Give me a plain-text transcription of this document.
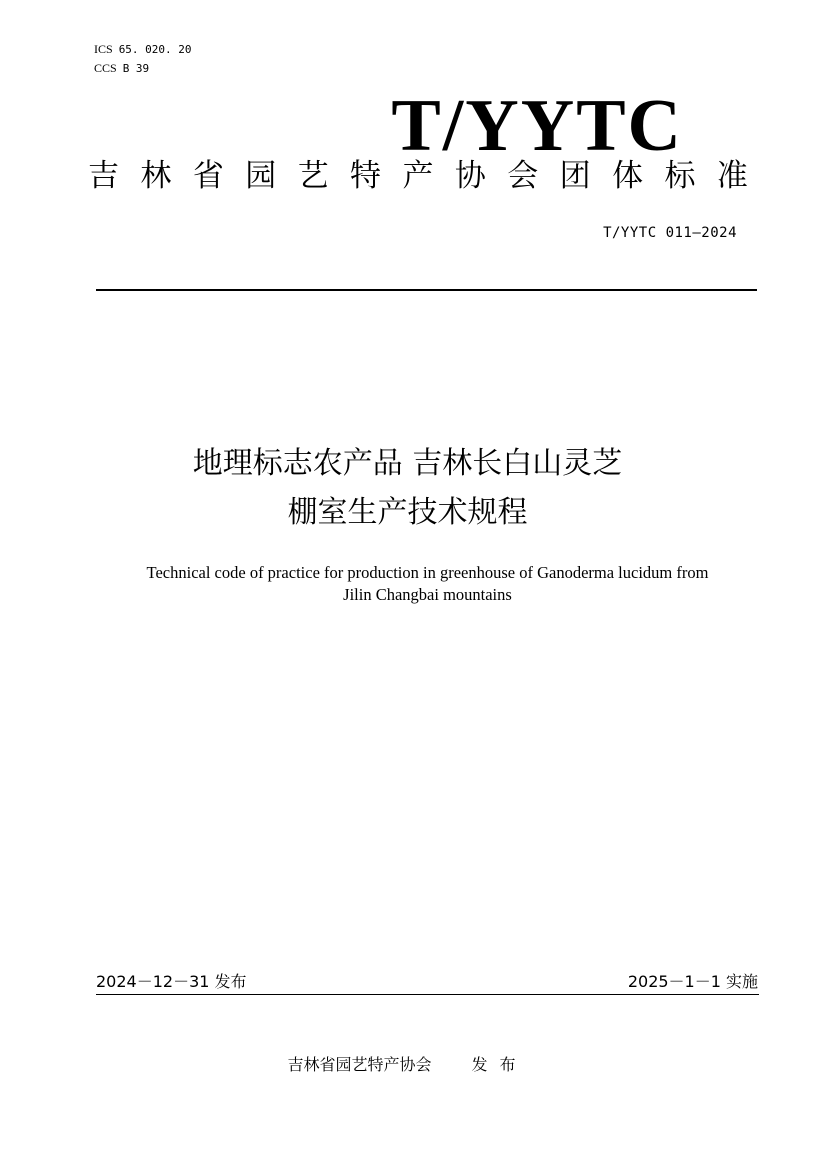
ICS 65. 020. 20
CCS B 39
T/YYTC
吉 林 省 园 艺 特 产 协 会 团 体 标 准
T/YYTC 011—2024
地理标志农产品 吉林长白山灵芝
棚室生产技术规程
Technical code of practice for production in greenhouse of Ganoderma lucidum from
Jilin Changbai mountains
2024－12－31 发布	2025－1－1 实施
吉林省园艺特产协会	发布
